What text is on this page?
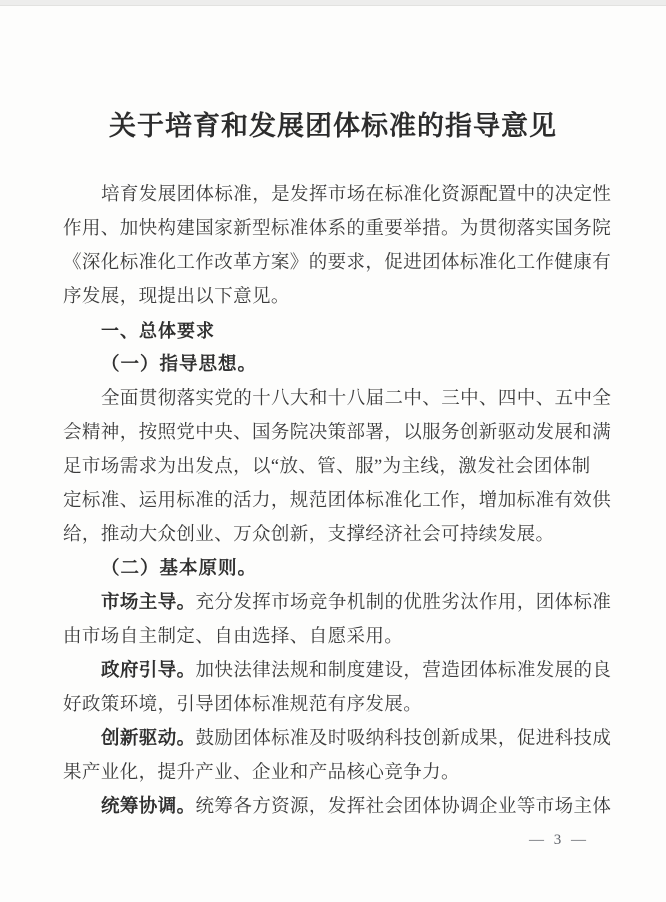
关于培育和发展团体标准的指导意见
培育发展团体标准，是发挥市场在标准化资源配置中的决定性
作用、加快构建国家新型标准体系的重要举措。为贯彻落实国务院
《深化标准化工作改革方案》的要求，促进团体标准化工作健康有
序发展，现提出以下意见。
一、总体要求
（一）指导思想。
全面贯彻落实党的十八大和十八届二中、三中、四中、五中全
会精神，按照党中央、国务院决策部署，以服务创新驱动发展和满
足市场需求为出发点，以“放、管、服”为主线，激发社会团体制
定标准、运用标准的活力，规范团体标准化工作，增加标准有效供
给，推动大众创业、万众创新，支撑经济社会可持续发展。
（二）基本原则。
市场主导。充分发挥市场竞争机制的优胜劣汰作用，团体标准
由市场自主制定、自由选择、自愿采用。
政府引导。加快法律法规和制度建设，营造团体标准发展的良
好政策环境，引导团体标准规范有序发展。
创新驱动。鼓励团体标准及时吸纳科技创新成果，促进科技成
果产业化，提升产业、企业和产品核心竞争力。
统筹协调。统筹各方资源，发挥社会团体协调企业等市场主体
— 3 —
